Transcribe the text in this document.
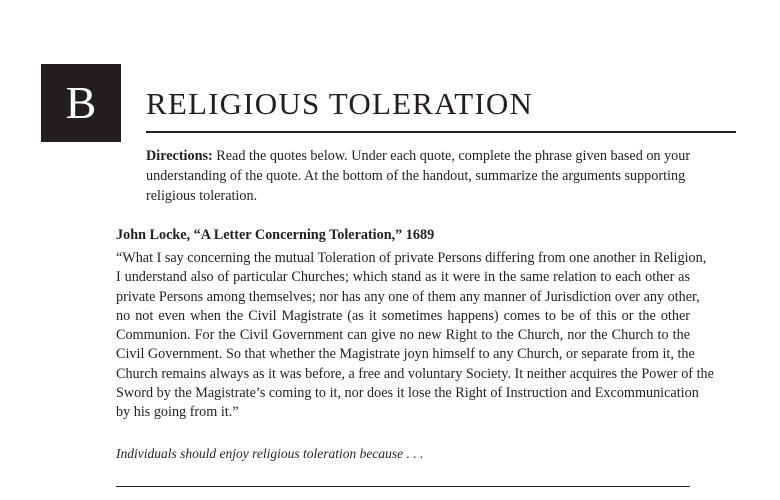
B RELIGIOUS TOLERATION
Directions: Read the quotes below. Under each quote, complete the phrase given based on your understanding of the quote. At the bottom of the handout, summarize the arguments supporting religious toleration.
John Locke, “A Letter Concerning Toleration,” 1689
“What I say concerning the mutual Toleration of private Persons differing from one another in Religion,
I understand also of particular Churches; which stand as it were in the same relation to each other as
private Persons among themselves; nor has any one of them any manner of Jurisdiction over any other,
no not even when the Civil Magistrate (as it sometimes happens) comes to be of this or the other
Communion. For the Civil Government can give no new Right to the Church, nor the Church to the
Civil Government. So that whether the Magistrate joyn himself to any Church, or separate from it, the
Church remains always as it was before, a free and voluntary Society. It neither acquires the Power of the
Sword by the Magistrate’s coming to it, nor does it lose the Right of Instruction and Excommunication
by his going from it.”
Individuals should enjoy religious toleration because . . .
